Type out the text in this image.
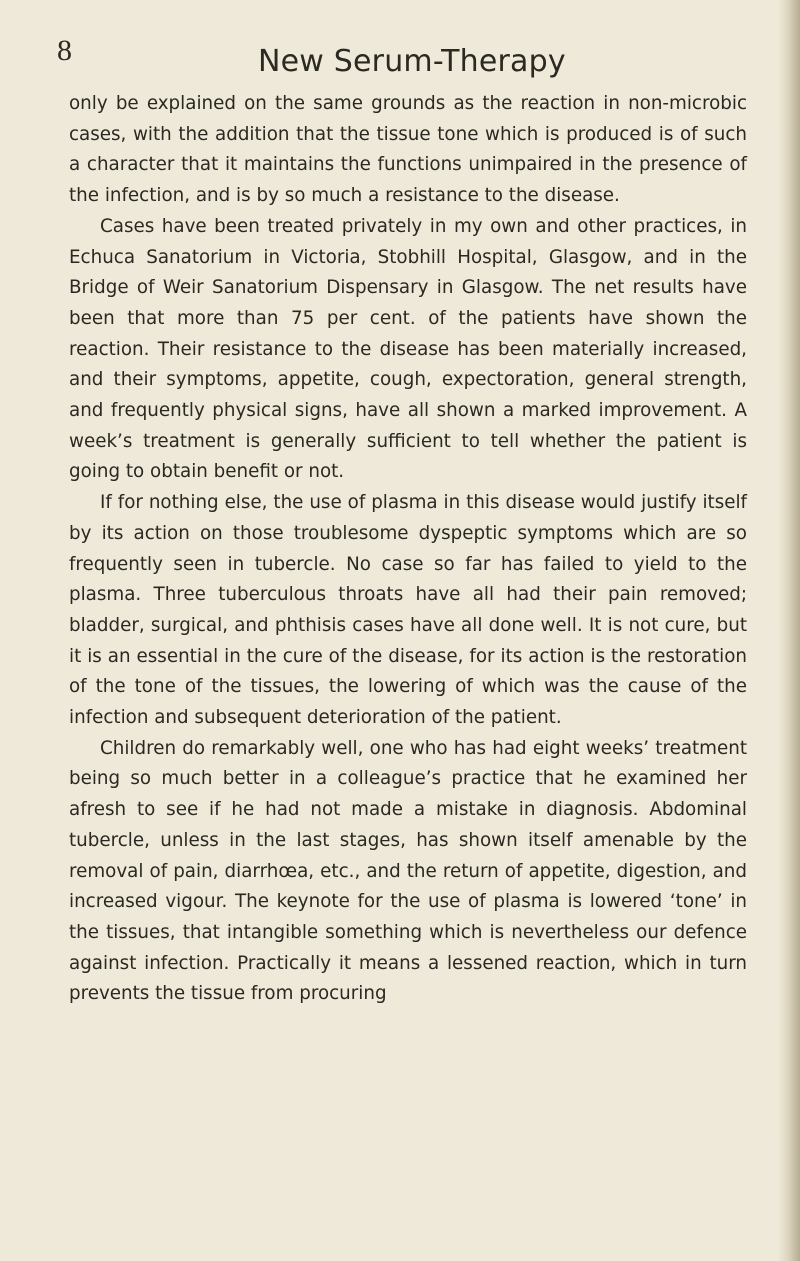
8	New Serum-Therapy

only be explained on the same grounds as the reaction in non-microbic cases, with the addition that the tissue tone which is produced is of such a character that it maintains the functions unimpaired in the presence of the infection, and is by so much a resistance to the disease.

Cases have been treated privately in my own and other practices, in Echuca Sanatorium in Victoria, Stobhill Hospital, Glasgow, and in the Bridge of Weir Sanatorium Dispensary in Glasgow. The net results have been that more than 75 per cent. of the patients have shown the reaction. Their resistance to the disease has been materially increased, and their symptoms, appetite, cough, expectoration, general strength, and frequently physical signs, have all shown a marked improvement. A week’s treatment is generally sufficient to tell whether the patient is going to obtain benefit or not.

If for nothing else, the use of plasma in this disease would justify itself by its action on those troublesome dyspeptic symptoms which are so frequently seen in tubercle. No case so far has failed to yield to the plasma. Three tuberculous throats have all had their pain removed; bladder, surgical, and phthisis cases have all done well. It is not cure, but it is an essential in the cure of the disease, for its action is the restoration of the tone of the tissues, the lowering of which was the cause of the infection and subsequent deterioration of the patient.

Children do remarkably well, one who has had eight weeks’ treatment being so much better in a colleague’s practice that he examined her afresh to see if he had not made a mistake in diagnosis. Abdominal tubercle, unless in the last stages, has shown itself amenable by the removal of pain, diarrhœa, etc., and the return of appetite, digestion, and increased vigour. The keynote for the use of plasma is lowered ‘tone’ in the tissues, that intangible something which is nevertheless our defence against infection. Practically it means a lessened reaction, which in turn prevents the tissue from procuring
